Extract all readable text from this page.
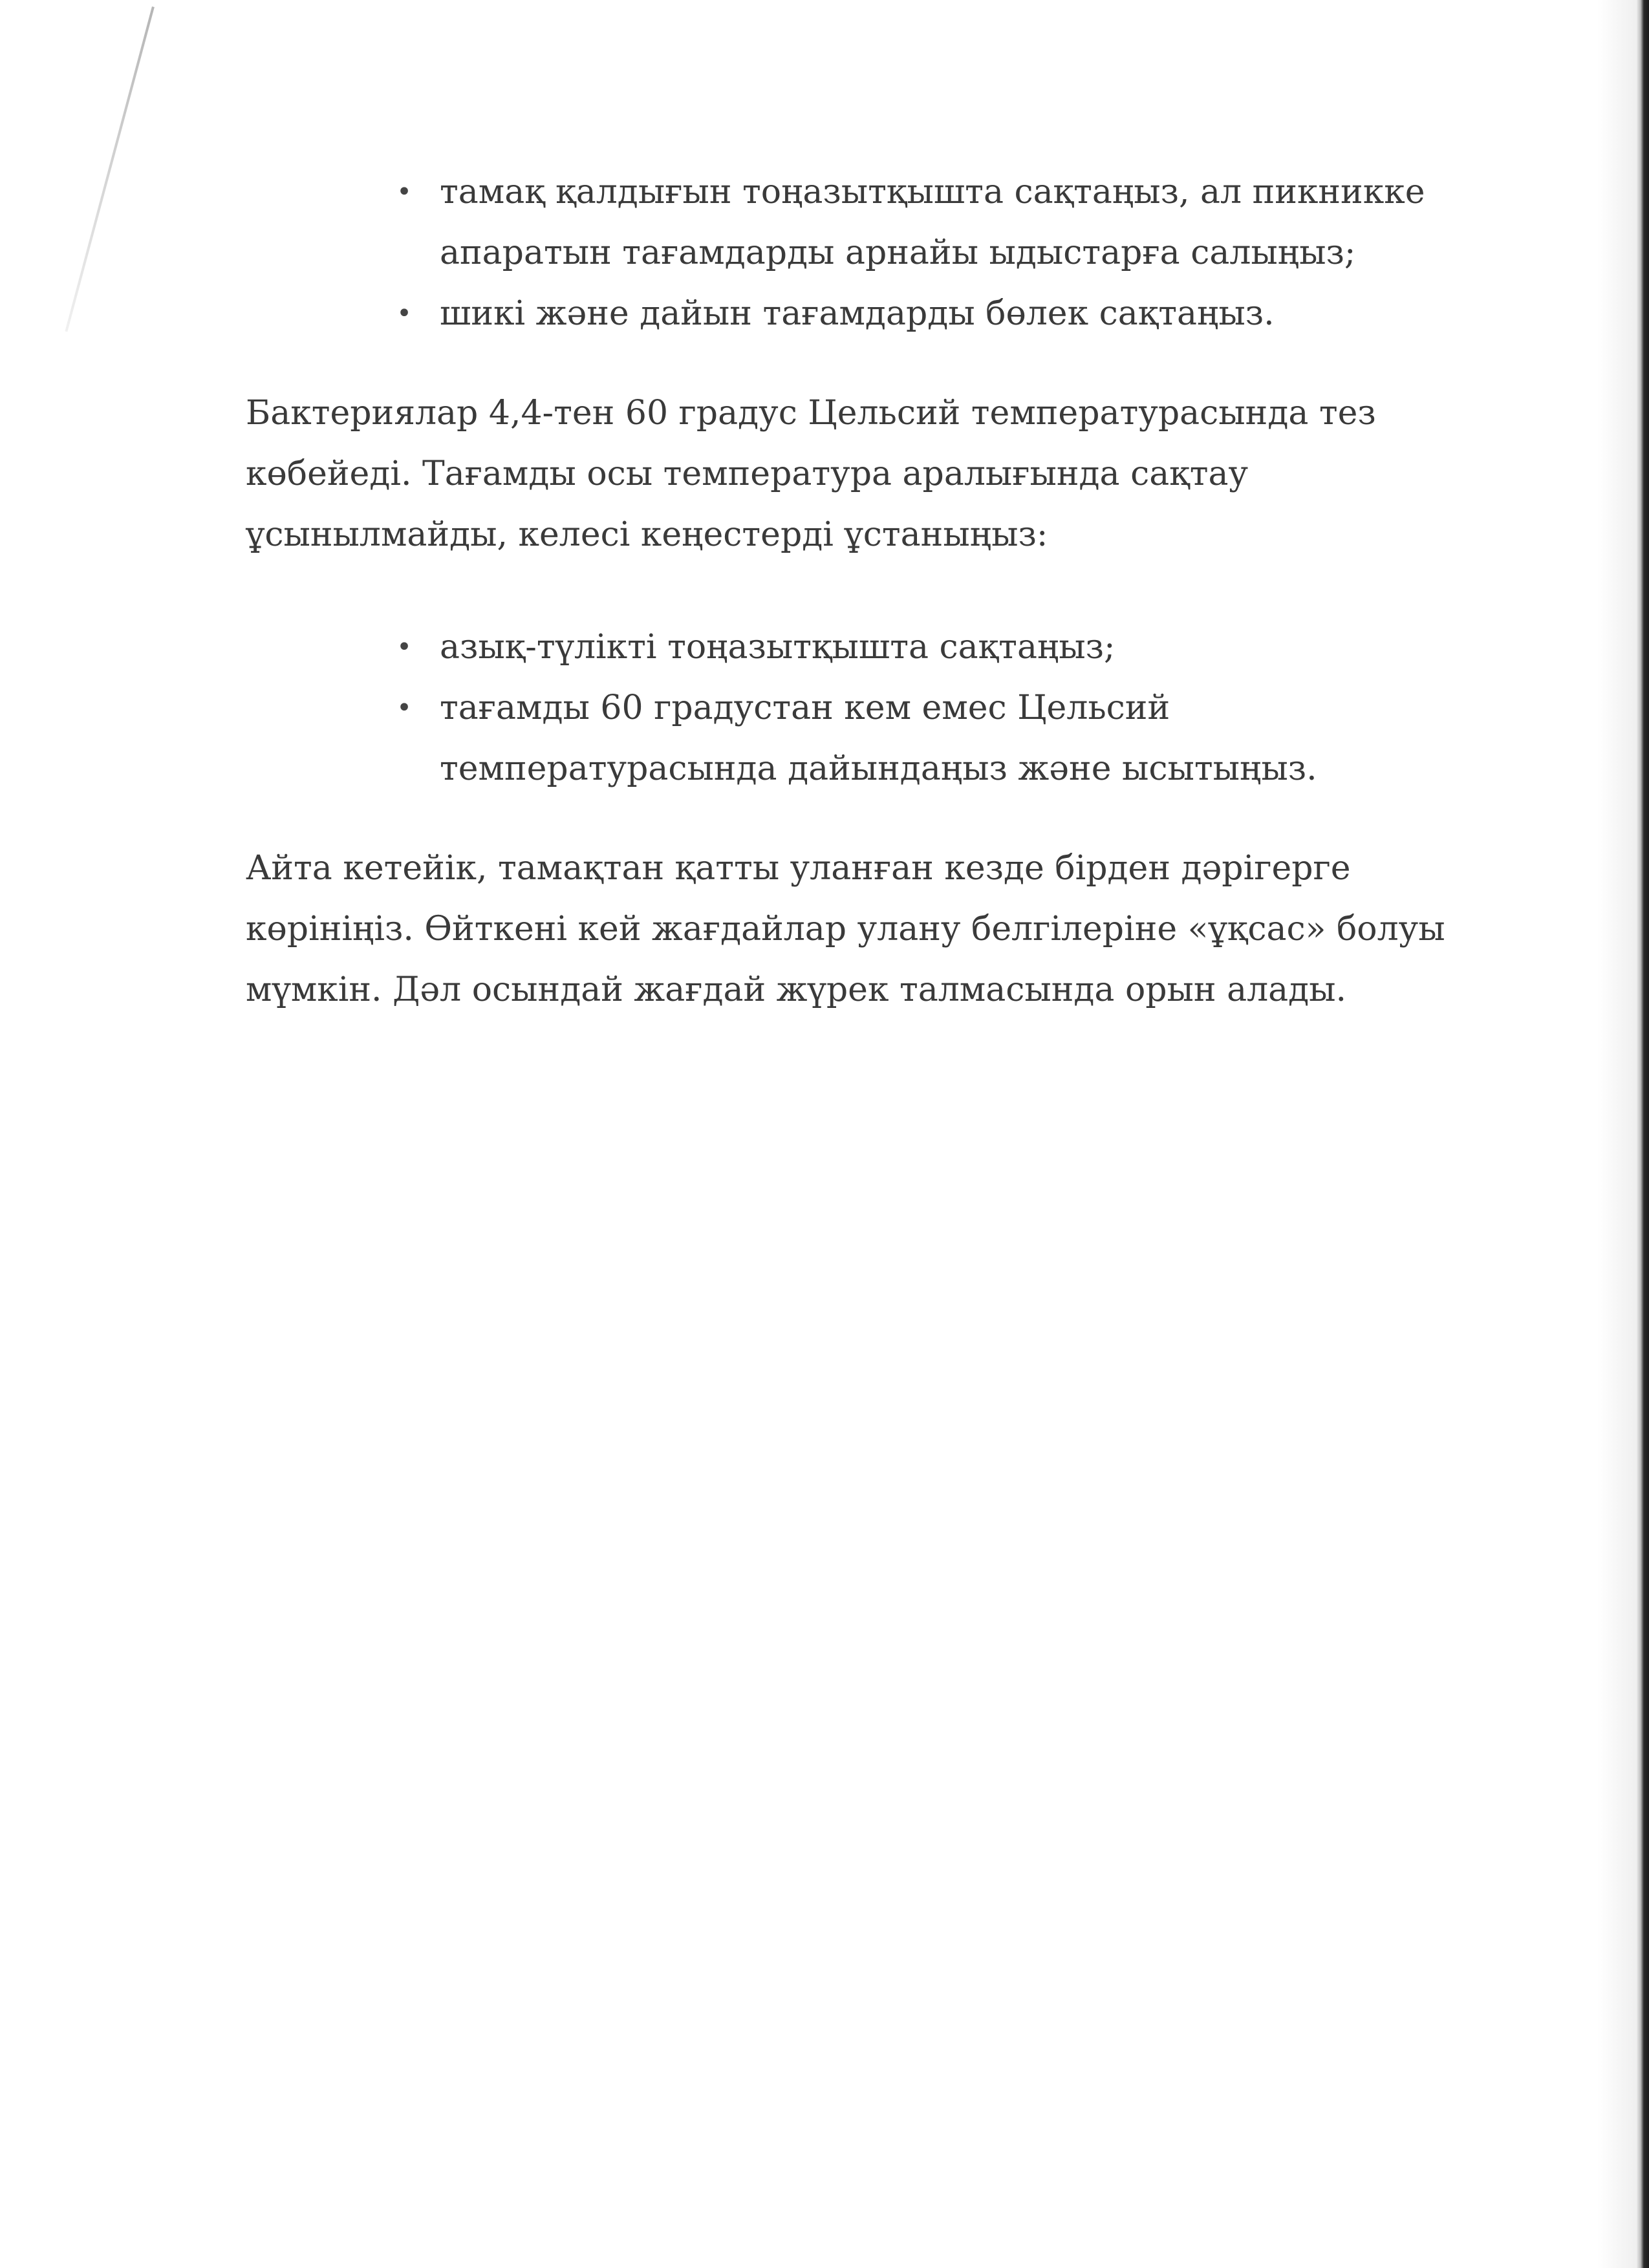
• тамақ қалдығын тоңазытқышта сақтаңыз, ал пикникке апаратын тағамдарды арнайы ыдыстарға салыңыз;
• шикі және дайын тағамдарды бөлек сақтаңыз.

Бактериялар 4,4-тен 60 градус Цельсий температурасында тез көбейеді. Тағамды осы температура аралығында сақтау ұсынылмайды, келесі кеңестерді ұстаныңыз:

• азық-түлікті тоңазытқышта сақтаңыз;
• тағамды 60 градустан кем емес Цельсий температурасында дайындаңыз және ысытыңыз.

Айта кетейік, тамақтан қатты уланған кезде бірден дәрігерге көрініңіз. Өйткені кей жағдайлар улану белгілеріне «ұқсас» болуы мүмкін. Дәл осындай жағдай жүрек талмасында орын алады.
